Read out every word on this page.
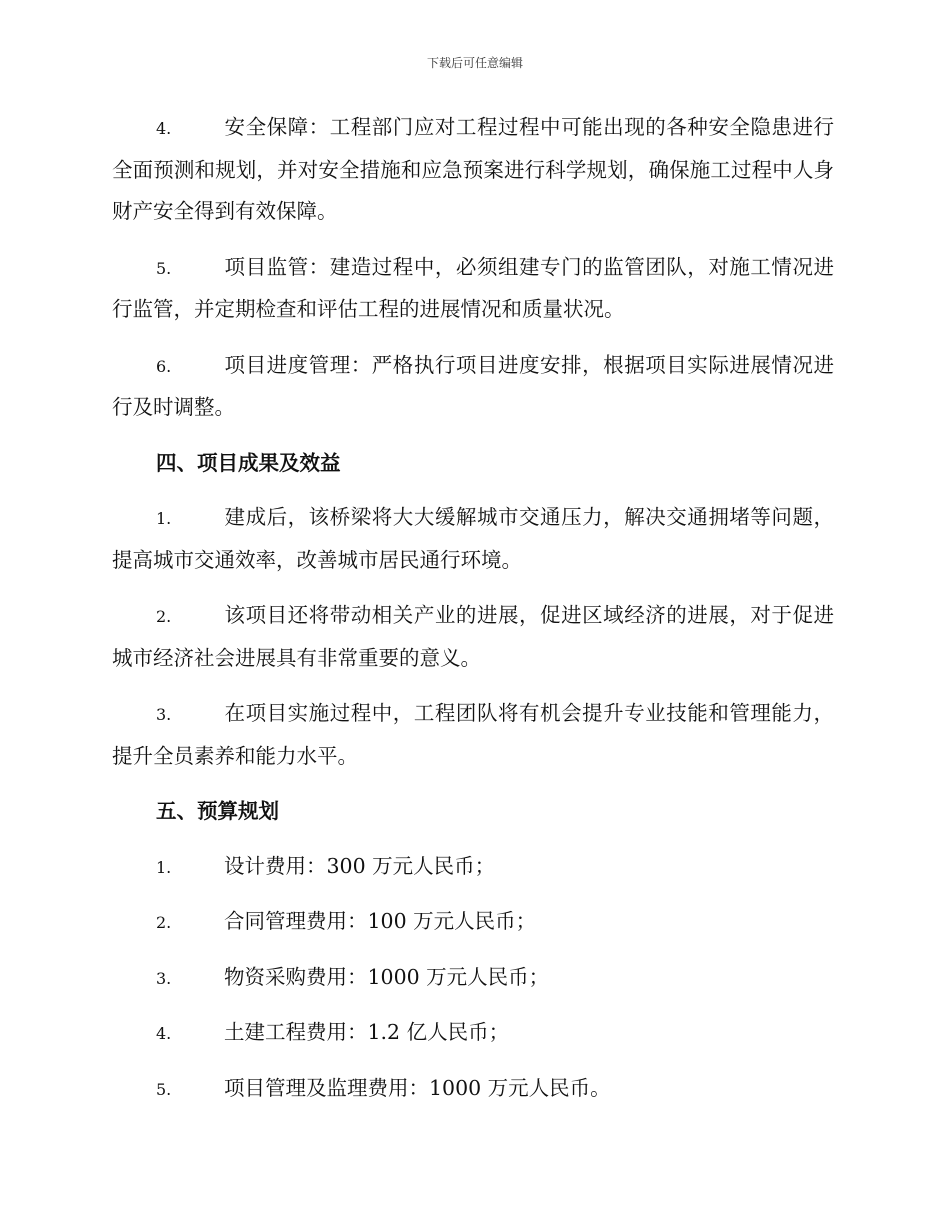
下载后可任意编辑

4.	安全保障：工程部门应对工程过程中可能出现的各种安全隐患进行全面预测和规划，并对安全措施和应急预案进行科学规划，确保施工过程中人身财产安全得到有效保障。

5.	项目监管：建造过程中，必须组建专门的监管团队，对施工情况进行监管，并定期检查和评估工程的进展情况和质量状况。

6.	项目进度管理：严格执行项目进度安排，根据项目实际进展情况进行及时调整。

四、项目成果及效益

1.	建成后，该桥梁将大大缓解城市交通压力，解决交通拥堵等问题，提高城市交通效率，改善城市居民通行环境。

2.	该项目还将带动相关产业的进展，促进区域经济的进展，对于促进城市经济社会进展具有非常重要的意义。

3.	在项目实施过程中，工程团队将有机会提升专业技能和管理能力，提升全员素养和能力水平。

五、预算规划
1.	设计费用：300 万元人民币；
2.	合同管理费用：100 万元人民币；
3.	物资采购费用：1000 万元人民币；
4.	土建工程费用：1.2 亿人民币；
5.	项目管理及监理费用：1000 万元人民币。
